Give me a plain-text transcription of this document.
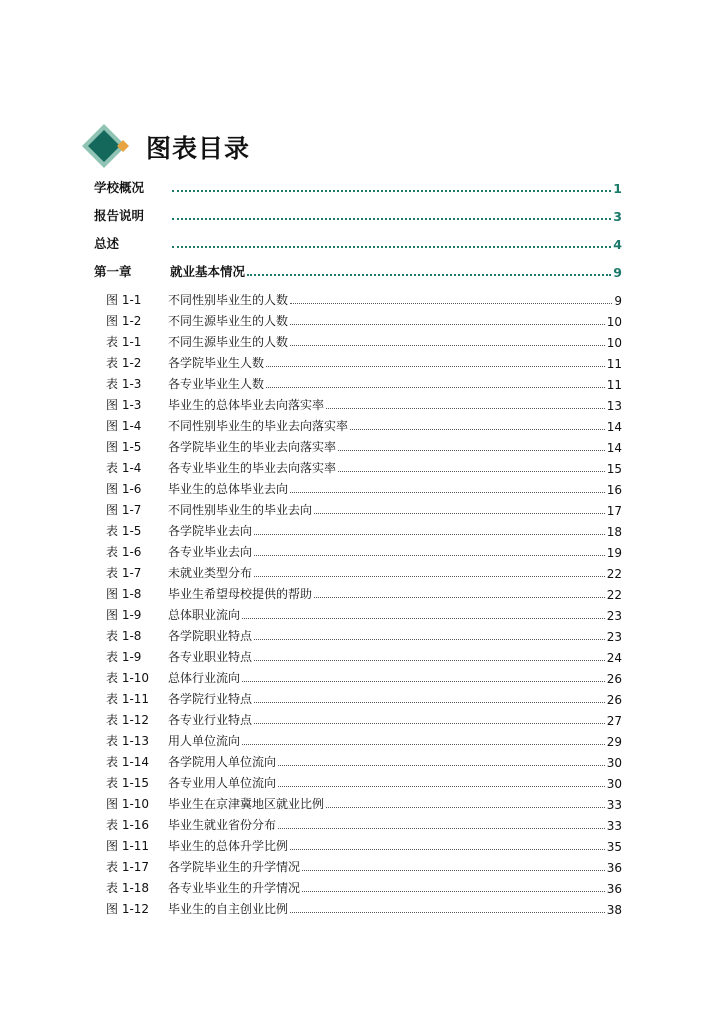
图表目录
学校概况	1
报告说明	3
总述	4
第一章	就业基本情况	9
图 1-1	不同性别毕业生的人数	9
图 1-2	不同生源毕业生的人数	10
表 1-1	不同生源毕业生的人数	10
表 1-2	各学院毕业生人数	11
表 1-3	各专业毕业生人数	11
图 1-3	毕业生的总体毕业去向落实率	13
图 1-4	不同性别毕业生的毕业去向落实率	14
图 1-5	各学院毕业生的毕业去向落实率	14
表 1-4	各专业毕业生的毕业去向落实率	15
图 1-6	毕业生的总体毕业去向	16
图 1-7	不同性别毕业生的毕业去向	17
表 1-5	各学院毕业去向	18
表 1-6	各专业毕业去向	19
表 1-7	未就业类型分布	22
图 1-8	毕业生希望母校提供的帮助	22
图 1-9	总体职业流向	23
表 1-8	各学院职业特点	23
表 1-9	各专业职业特点	24
表 1-10	总体行业流向	26
表 1-11	各学院行业特点	26
表 1-12	各专业行业特点	27
表 1-13	用人单位流向	29
表 1-14	各学院用人单位流向	30
表 1-15	各专业用人单位流向	30
图 1-10	毕业生在京津冀地区就业比例	33
表 1-16	毕业生就业省份分布	33
图 1-11	毕业生的总体升学比例	35
表 1-17	各学院毕业生的升学情况	36
表 1-18	各专业毕业生的升学情况	36
图 1-12	毕业生的自主创业比例	38
